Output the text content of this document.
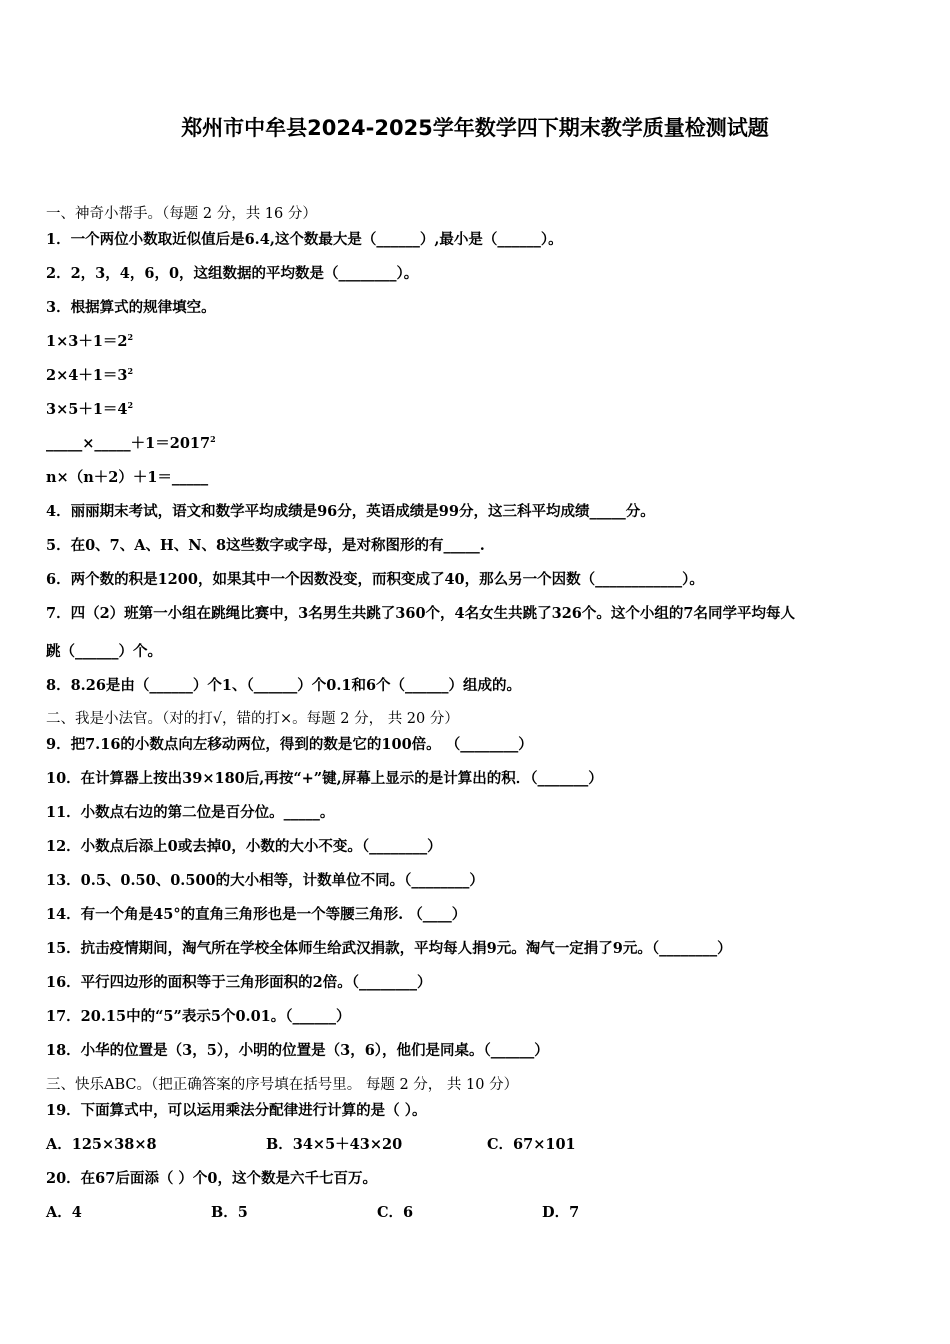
郑州市中牟县2024-2025学年数学四下期末教学质量检测试题
一、神奇小帮手。（每题 2 分，共 16 分）
1．一个两位小数取近似值后是6.4,这个数最大是（______）,最小是（______）。
2．2，3，4，6，0，这组数据的平均数是（________）。
3．根据算式的规律填空。
$1\times 3+1=2^2$
$2\times 4+1=3^2$
$3\times 5+1=4^2$
$\_\_\_\_\_\times\_\_\_\_\_+1=2017^2$
n×（n＋2）＋1＝_____
4．丽丽期末考试，语文和数学平均成绩是96分，英语成绩是99分，这三科平均成绩_____分。
5．在0、7、A、H、N、8这些数字或字母，是对称图形的有_____.
6．两个数的积是1200，如果其中一个因数没变，而积变成了40，那么另一个因数（____________）。
7．四（2）班第一小组在跳绳比赛中，3名男生共跳了360个，4名女生共跳了326个。这个小组的7名同学平均每人
跳（______）个。
8．8.26是由（______）个1、（______）个0.1和6个（______）组成的。
二、我是小法官。（对的打√，错的打×。每题 2 分， 共 20 分）
9．把7.16的小数点向左移动两位，得到的数是它的100倍。 （________）
10．在计算器上按出39×180后,再按“+”键,屏幕上显示的是计算出的积．（_______）
11．小数点右边的第二位是百分位。_____。
12．小数点后添上0或去掉0，小数的大小不变。（________）
13．0.5、0.50、0.500的大小相等，计数单位不同。（________）
14．有一个角是45°的直角三角形也是一个等腰三角形. （____）
15．抗击疫情期间，淘气所在学校全体师生给武汉捐款，平均每人捐9元。淘气一定捐了9元。（________）
16．平行四边形的面积等于三角形面积的2倍。（________）
17．20.15中的“5”表示5个0.01。（______）
18．小华的位置是（3，5），小明的位置是（3，6），他们是同桌。（______）
三、快乐ABC。（把正确答案的序号填在括号里。 每题 2 分， 共 10 分）
19．下面算式中，可以运用乘法分配律进行计算的是（ ）。
A．125×38×8	B．34×5＋43×20	C．67×101
20．在67后面添（ ）个0，这个数是六千七百万。
A．4	B．5	C．6	D．7
